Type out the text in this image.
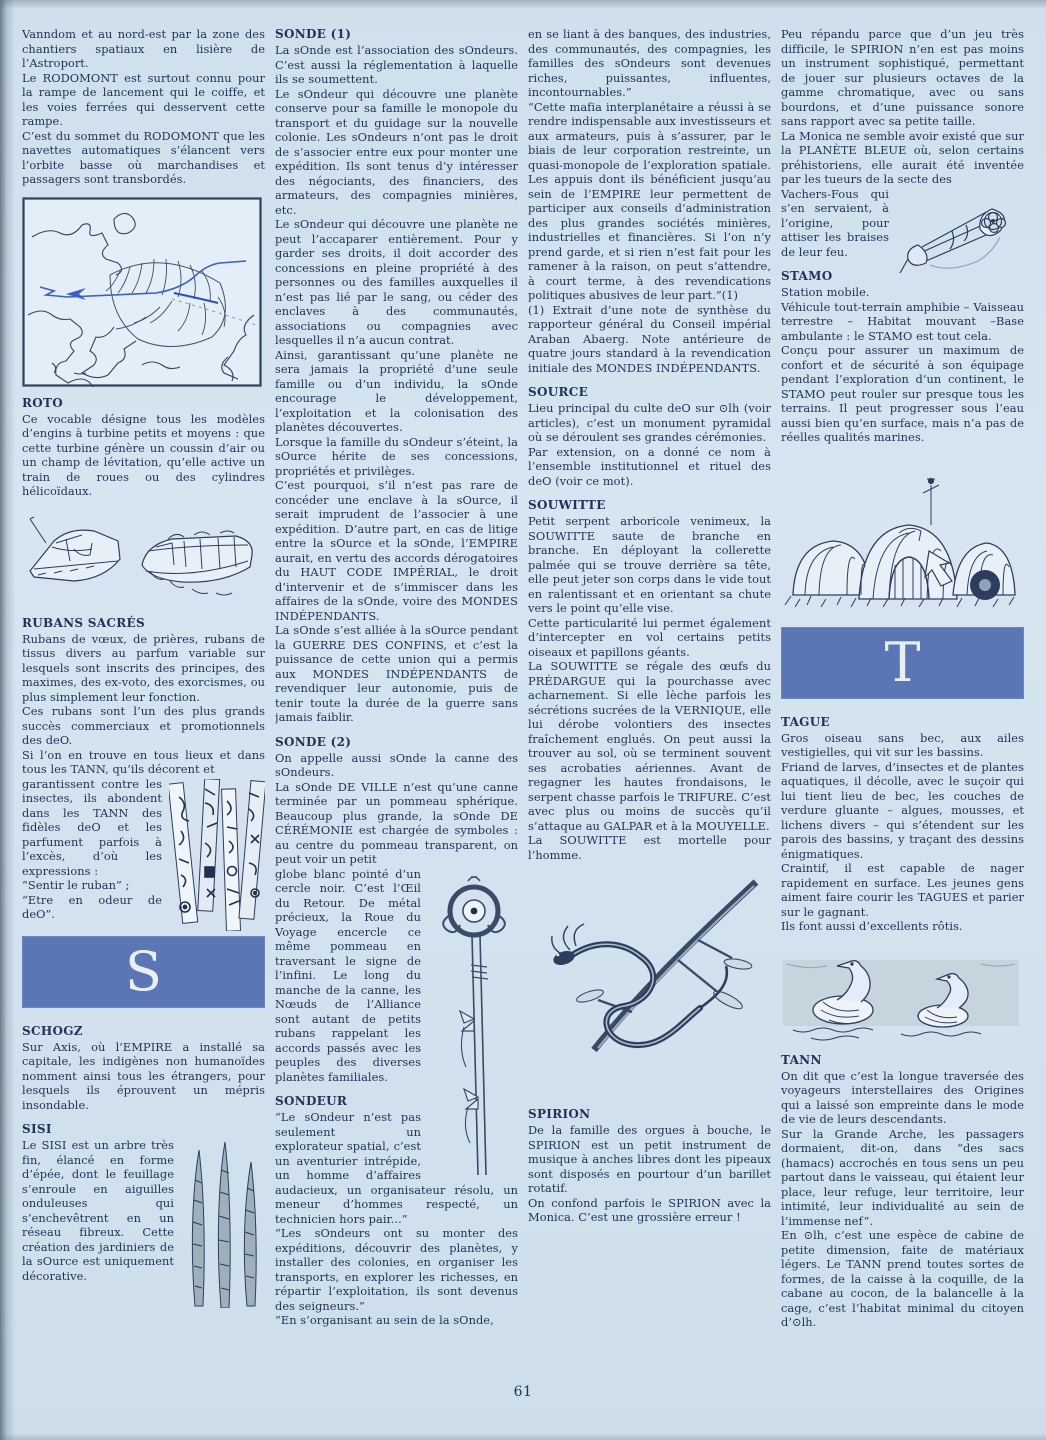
Vanndom et au nord-est par la zone des chantiers spatiaux en lisière de l’Astroport.

Le RODOMONT est surtout connu pour la rampe de lancement qui le coiffe, et les voies ferrées qui desservent cette rampe.

C’est du sommet du RODOMONT que les navettes automatiques s’élancent vers l’orbite basse où marchandises et passagers sont transbordés.

ROTO

Ce vocable désigne tous les modèles d’engins à turbine petits et moyens : que cette turbine génère un coussin d’air ou un champ de lévitation, qu’elle active un train de roues ou des cylindres hélicoïdaux.

RUBANS SACRÉS

Rubans de vœux, de prières, rubans de tissus divers au parfum variable sur lesquels sont inscrits des principes, des maximes, des ex-voto, des exorcismes, ou plus simplement leur fonction.

Ces rubans sont l’un des plus grands succès commerciaux et promotionnels des deO.

Si l’on en trouve en tous lieux et dans tous les TANN, qu’ils décorent et

garantissent contre les insectes, ils abondent dans les TANN des fidèles deO et les parfument parfois à l’excès, d’où les expressions :

“Sentir le ruban” ;

“Etre en odeur de deO”.

S
SCHOGZ

Sur Axis, où l’EMPIRE a installé sa capitale, les indigènes non humanoïdes nomment ainsi tous les étrangers, pour lesquels ils éprouvent un mépris insondable.

SISI

Le SISI est un arbre très fin, élancé en forme d’épée, dont le feuillage s’enroule en aiguilles onduleuses qui s’enchevêtrent en un réseau fibreux. Cette création des jardiniers de la sOurce est uniquement décorative.

SONDE (1)

La sOnde est l’association des sOndeurs. C’est aussi la réglementation à laquelle ils se soumettent.

Le sOndeur qui découvre une planète conserve pour sa famille le monopole du transport et du guidage sur la nouvelle colonie. Les sOndeurs n’ont pas le droit de s’associer entre eux pour monter une expédition. Ils sont tenus d’y intéresser des négociants, des financiers, des armateurs, des compagnies minières, etc.

Le sOndeur qui découvre une planète ne peut l’accaparer entièrement. Pour y garder ses droits, il doit accorder des concessions en pleine propriété à des personnes ou des familles auxquelles il n’est pas lié par le sang, ou céder des enclaves à des communautés, associations ou compagnies avec lesquelles il n’a aucun contrat.

Ainsi, garantissant qu’une planète ne sera jamais la propriété d’une seule famille ou d’un individu, la sOnde encourage le développement, l’exploitation et la colonisation des planètes découvertes.

Lorsque la famille du sOndeur s’éteint, la sOurce hérite de ses concessions, propriétés et privilèges.

C’est pourquoi, s’il n’est pas rare de concéder une enclave à la sOurce, il serait imprudent de l’associer à une expédition. D’autre part, en cas de litige entre la sOurce et la sOnde, l’EMPIRE aurait, en vertu des accords dérogatoires du HAUT CODE IMPÉRIAL, le droit d’intervenir et de s’immiscer dans les affaires de la sOnde, voire des MONDES INDÉPENDANTS.

La sOnde s’est alliée à la sOurce pendant la GUERRE DES CONFINS, et c’est la puissance de cette union qui a permis aux MONDES INDÉPENDANTS de revendiquer leur autonomie, puis de tenir toute la durée de la guerre sans jamais faiblir.

SONDE (2)

On appelle aussi sOnde la canne des sOndeurs.

La sOnde DE VILLE n’est qu’une canne terminée par un pommeau sphérique. Beaucoup plus grande, la sOnde DE CÉRÉMONIE est chargée de symboles : au centre du pommeau transparent, on peut voir un petit

globe blanc pointé d’un cercle noir. C’est l’Œil du Retour. De métal précieux, la Roue du Voyage encercle ce même pommeau en traversant le signe de l’infini. Le long du manche de la canne, les Nœuds de l’Alliance sont autant de petits rubans rappelant les accords passés avec les peuples des diverses planètes familiales.

SONDEUR

“Le sOndeur n’est pas seulement un explorateur spatial, c’est un aventurier intrépide, un homme d’affaires audacieux, un organisateur résolu, un meneur d’hommes respecté, un technicien hors pair...”

“Les sOndeurs ont su monter des expéditions, découvrir des planètes, y installer des colonies, en organiser les transports, en explorer les richesses, en répartir l’exploitation, ils sont devenus des seigneurs.”

“En s’organisant au sein de la sOnde,

en se liant à des banques, des industries, des communautés, des compagnies, les familles des sOndeurs sont devenues riches, puissantes, influentes, incontournables.”

“Cette mafia interplanétaire a réussi à se rendre indispensable aux investisseurs et aux armateurs, puis à s’assurer, par le biais de leur corporation restreinte, un quasi-monopole de l’exploration spatiale. Les appuis dont ils bénéficient jusqu’au sein de l’EMPIRE leur permettent de participer aux conseils d’administration des plus grandes sociétés minières, industrielles et financières. Si l’on n’y prend garde, et si rien n’est fait pour les ramener à la raison, on peut s’attendre, à court terme, à des revendications politiques abusives de leur part.”(1)

(1) Extrait d’une note de synthèse du rapporteur général du Conseil impérial Araban Abaerg. Note antérieure de quatre jours standard à la revendication initiale des MONDES INDÉPENDANTS.

SOURCE

Lieu principal du culte deO sur ⊙lh (voir articles), c’est un monument pyramidal où se déroulent ses grandes cérémonies.

Par extension, on a donné ce nom à l’ensemble institutionnel et rituel des deO (voir ce mot).

SOUWITTE

Petit serpent arboricole venimeux, la SOUWITTE saute de branche en branche. En déployant la collerette palmée qui se trouve derrière sa tête, elle peut jeter son corps dans le vide tout en ralentissant et en orientant sa chute vers le point qu’elle vise.

Cette particularité lui permet également d’intercepter en vol certains petits oiseaux et papillons géants.

La SOUWITTE se régale des œufs du PRÉDARGUE qui la pourchasse avec acharnement. Si elle lèche parfois les sécrétions sucrées de la VERNIQUE, elle lui dérobe volontiers des insectes fraîchement englués. On peut aussi la trouver au sol, où se terminent souvent ses acrobaties aériennes. Avant de regagner les hautes frondaisons, le serpent chasse parfois le TRIFURE. C’est avec plus ou moins de succès qu’il s’attaque au GALPAR et à la MOUYELLE.

La SOUWITTE est mortelle pour l’homme.

SPIRION

De la famille des orgues à bouche, le SPIRION est un petit instrument de musique à anches libres dont les pipeaux sont disposés en pourtour d’un barillet rotatif.

On confond parfois le SPIRION avec la Monica. C’est une grossière erreur !

Peu répandu parce que d’un jeu très difficile, le SPIRION n’en est pas moins un instrument sophistiqué, permettant de jouer sur plusieurs octaves de la gamme chromatique, avec ou sans bourdons, et d’une puissance sonore sans rapport avec sa petite taille.

La Monica ne semble avoir existé que sur la PLANÈTE BLEUE où, selon certains préhistoriens, elle aurait été inventée par les tueurs de la secte des

Vachers-Fous qui s’en servaient, à l’origine, pour attiser les braises de leur feu.

STAMO

Station mobile.

Véhicule tout-terrain amphibie – Vaisseau terrestre – Habitat mouvant –Base ambulante : le STAMO est tout cela.

Conçu pour assurer un maximum de confort et de sécurité à son équipage pendant l’exploration d’un continent, le STAMO peut rouler sur presque tous les terrains. Il peut progresser sous l’eau aussi bien qu’en surface, mais n’a pas de réelles qualités marines.

T
TAGUE

Gros oiseau sans bec, aux ailes vestigielles, qui vit sur les bassins.

Friand de larves, d’insectes et de plantes aquatiques, il décolle, avec le suçoir qui lui tient lieu de bec, les couches de verdure gluante – algues, mousses, et lichens divers – qui s’étendent sur les parois des bassins, y traçant des dessins énigmatiques.

Craintif, il est capable de nager rapidement en surface. Les jeunes gens aiment faire courir les TAGUES et parier sur le gagnant.

Ils font aussi d’excellents rôtis.

TANN

On dit que c’est la longue traversée des voyageurs interstellaires des Origines qui a laissé son empreinte dans le mode de vie de leurs descendants.

Sur la Grande Arche, les passagers dormaient, dit-on, dans “des sacs (hamacs) accrochés en tous sens un peu partout dans le vaisseau, qui étaient leur place, leur refuge, leur territoire, leur intimité, leur individualité au sein de l’immense nef”.

En ⊙lh, c’est une espèce de cabine de petite dimension, faite de matériaux légers. Le TANN prend toutes sortes de formes, de la caisse à la coquille, de la cabane au cocon, de la balancelle à la cage, c’est l’habitat minimal du citoyen d’⊙lh.

61
